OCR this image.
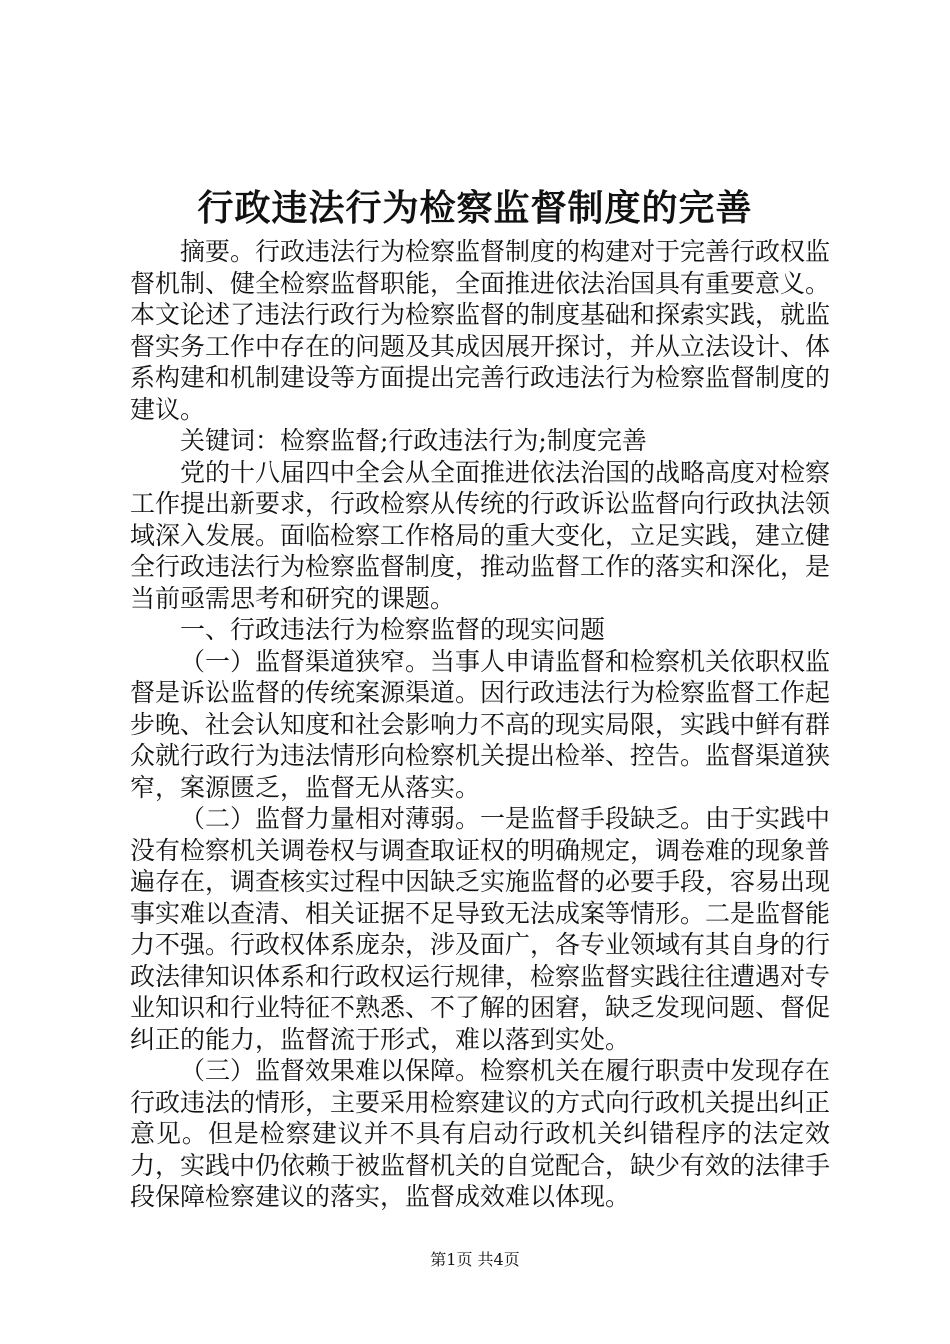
行政违法行为检察监督制度的完善

摘要。行政违法行为检察监督制度的构建对于完善行政权监督机制、健全检察监督职能，全面推进依法治国具有重要意义。本文论述了违法行政行为检察监督的制度基础和探索实践，就监督实务工作中存在的问题及其成因展开探讨，并从立法设计、体系构建和机制建设等方面提出完善行政违法行为检察监督制度的建议。

关键词：检察监督;行政违法行为;制度完善

党的十八届四中全会从全面推进依法治国的战略高度对检察工作提出新要求，行政检察从传统的行政诉讼监督向行政执法领域深入发展。面临检察工作格局的重大变化，立足实践，建立健全行政违法行为检察监督制度，推动监督工作的落实和深化，是当前亟需思考和研究的课题。

一、行政违法行为检察监督的现实问题

（一）监督渠道狭窄。当事人申请监督和检察机关依职权监督是诉讼监督的传统案源渠道。因行政违法行为检察监督工作起步晚、社会认知度和社会影响力不高的现实局限，实践中鲜有群众就行政行为违法情形向检察机关提出检举、控告。监督渠道狭窄，案源匮乏，监督无从落实。

（二）监督力量相对薄弱。一是监督手段缺乏。由于实践中没有检察机关调卷权与调查取证权的明确规定，调卷难的现象普遍存在，调查核实过程中因缺乏实施监督的必要手段，容易出现事实难以查清、相关证据不足导致无法成案等情形。二是监督能力不强。行政权体系庞杂，涉及面广，各专业领域有其自身的行政法律知识体系和行政权运行规律，检察监督实践往往遭遇对专业知识和行业特征不熟悉、不了解的困窘，缺乏发现问题、督促纠正的能力，监督流于形式，难以落到实处。

（三）监督效果难以保障。检察机关在履行职责中发现存在行政违法的情形，主要采用检察建议的方式向行政机关提出纠正意见。但是检察建议并不具有启动行政机关纠错程序的法定效力，实践中仍依赖于被监督机关的自觉配合，缺少有效的法律手段保障检察建议的落实，监督成效难以体现。

第1页 共4页
